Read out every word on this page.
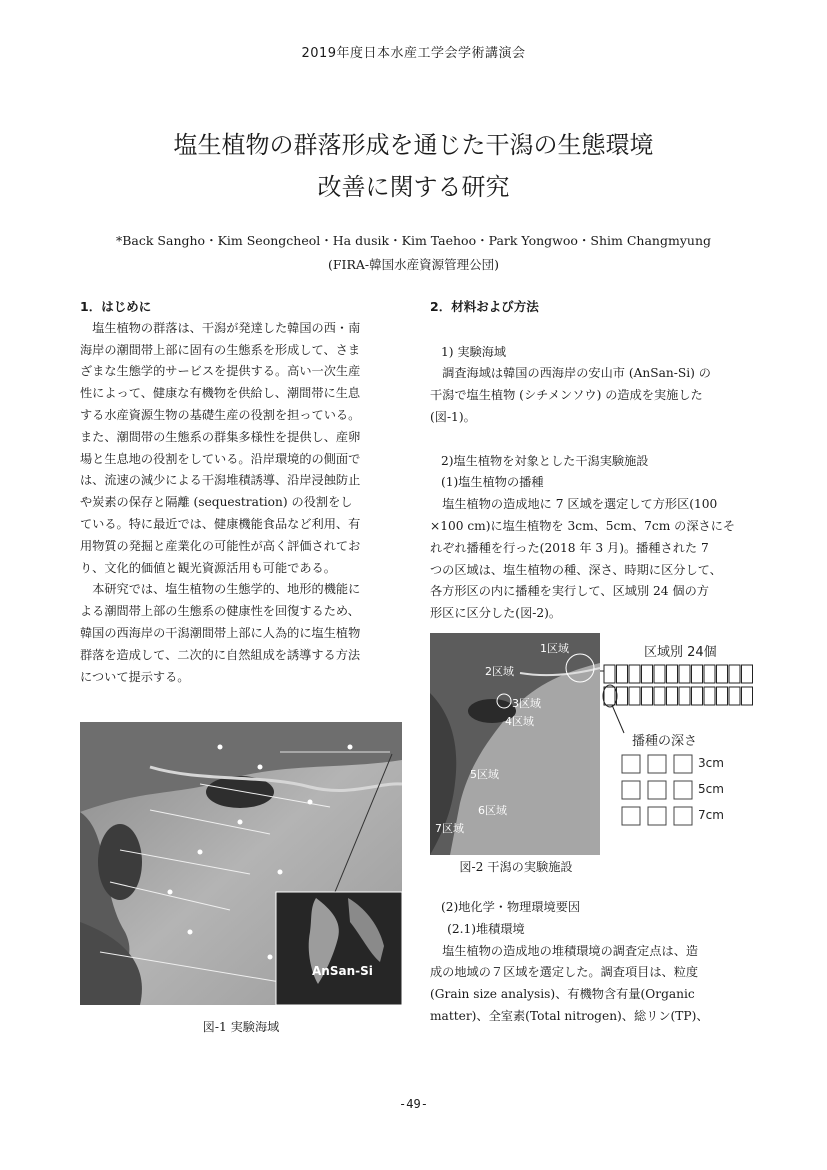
2019年度日本水産工学会学術講演会
塩生植物の群落形成を通じた干潟の生態環境
改善に関する研究
*Back Sangho・Kim Seongcheol・Ha dusik・Kim Taehoo・Park Yongwoo・Shim Changmyung
(FIRA-韓国水産資源管理公団)
1．はじめに

塩生植物の群落は、干潟が発達した韓国の西・南

海岸の潮間帯上部に固有の生態系を形成して、さま

ざまな生態学的サービスを提供する。高い一次生産

性によって、健康な有機物を供給し、潮間帯に生息

する水産資源生物の基礎生産の役割を担っている。

また、潮間帯の生態系の群集多様性を提供し、産卵

場と生息地の役割をしている。沿岸環境的の側面で

は、流速の減少による干潟堆積誘導、沿岸浸蝕防止

や炭素の保存と隔離 (sequestration) の役割をし

ている。特に最近では、健康機能食品など利用、有

用物質の発掘と産業化の可能性が高く評価されてお

り、文化的価値と観光資源活用も可能である。

本研究では、塩生植物の生態学的、地形的機能に

よる潮間帯上部の生態系の健康性を回復するため、

韓国の西海岸の干潟潮間帯上部に人為的に塩生植物

群落を造成して、二次的に自然組成を誘導する方法

について提示する。

AnSan-Si
図-1 実験海域
2．材料および方法

1) 実験海域

調査海域は韓国の西海岸の安山市 (AnSan-Si) の

干潟で塩生植物 (シチメンソウ) の造成を実施した

(図-1)。

2)塩生植物を対象とした干潟実験施設

(1)塩生植物の播種

塩生植物の造成地に 7 区域を選定して方形区(100

×100 cm)に塩生植物を 3cm、5cm、7cm の深さにそ

れぞれ播種を行った(2018 年 3 月)。播種された 7

つの区域は、塩生植物の種、深さ、時期に区分して、

各方形区の内に播種を実行して、区域別 24 個の方

形区に区分した(図-2)。

1区域
2区域
3区域
4区域
5区域
6区域
7区域
区域別 24個
播種の深さ
3cm
5cm
7cm
図-2 干潟の実験施設

(2)地化学・物理環境要因

(2.1)堆積環境

塩生植物の造成地の堆積環境の調査定点は、造

成の地域の７区域を選定した。調査項目は、粒度

(Grain size analysis)、有機物含有量(Organic

matter)、全室素(Total nitrogen)、総リン(TP)、

-49-
